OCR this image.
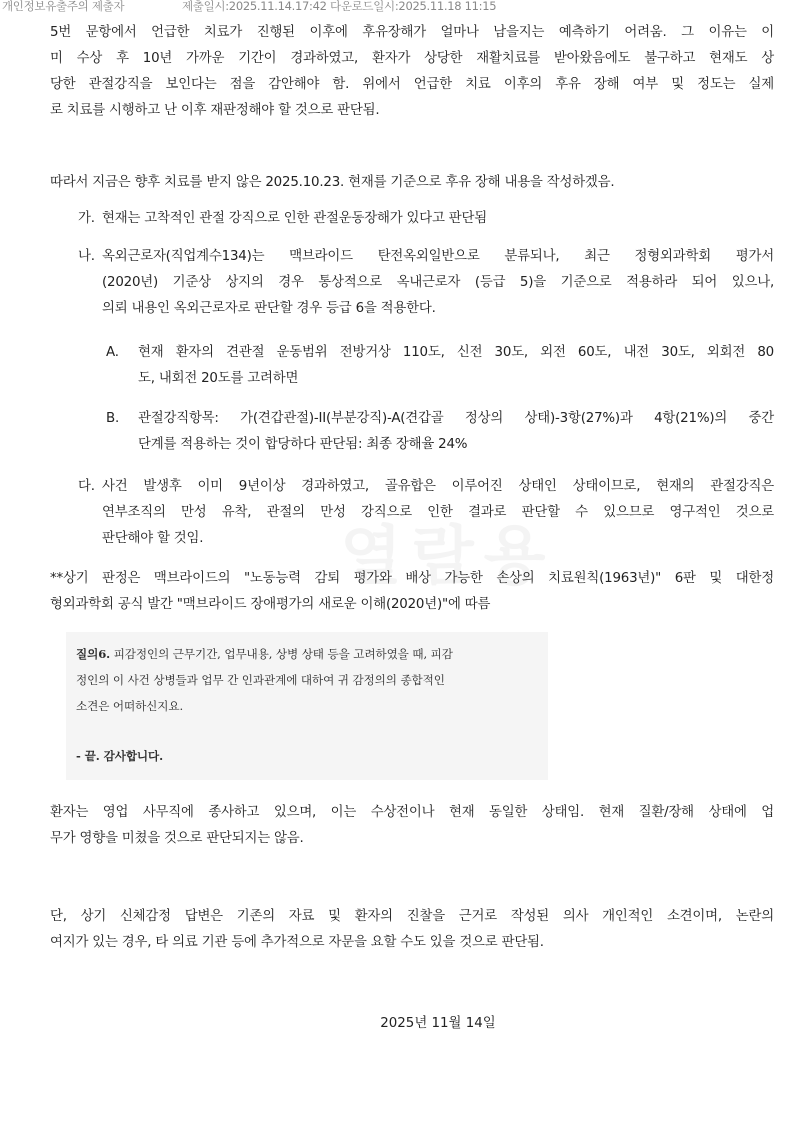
개인정보유출주의 제출자	제출일시:2025.11.14.17:42 다운로드일시:2025.11.18 11:15
열람용
5번 문항에서 언급한 치료가 진행된 이후에 후유장해가 얼마나 남을지는 예측하기 어려움. 그 이유는 이
미 수상 후 10년 가까운 기간이 경과하였고, 환자가 상당한 재활치료를 받아왔음에도 불구하고 현재도 상
당한 관절강직을 보인다는 점을 감안해야 함. 위에서 언급한 치료 이후의 후유 장해 여부 및 정도는 실제
로 치료를 시행하고 난 이후 재판정해야 할 것으로 판단됨.
따라서 지금은 향후 치료를 받지 않은 2025.10.23. 현재를 기준으로 후유 장해 내용을 작성하겠음.
가. 현재는 고착적인 관절 강직으로 인한 관절운동장해가 있다고 판단됨
나. 옥외근로자(직업계수134)는 맥브라이드 탄전옥외일반으로 분류되나, 최근 정형외과학회 평가서
(2020년) 기준상 상지의 경우 통상적으로 옥내근로자 (등급 5)을 기준으로 적용하라 되어 있으나,
의뢰 내용인 옥외근로자로 판단할 경우 등급 6을 적용한다.
A. 현재 환자의 견관절 운동범위 전방거상 110도, 신전 30도, 외전 60도, 내전 30도, 외회전 80
도, 내회전 20도를 고려하면
B. 관절강직항목: 가(견갑관절)-II(부분강직)-A(견갑골 정상의 상태)-3항(27%)과 4항(21%)의 중간
단계를 적용하는 것이 합당하다 판단됨: 최종 장해율 24%
다. 사건 발생후 이미 9년이상 경과하였고, 골유합은 이루어진 상태인 상태이므로, 현재의 관절강직은
연부조직의 만성 유착, 관절의 만성 강직으로 인한 결과로 판단할 수 있으므로 영구적인 것으로
판단해야 할 것임.
**상기 판정은 맥브라이드의 "노동능력 감퇴 평가와 배상 가능한 손상의 치료원칙(1963년)" 6판 및 대한정
형외과학회 공식 발간 "맥브라이드 장애평가의 새로운 이해(2020년)"에 따름
질의6. 피감정인의 근무기간, 업무내용, 상병 상태 등을 고려하였을 때, 피감
정인의 이 사건 상병들과 업무 간 인과관계에 대하여 귀 감정의의 종합적인
소견은 어떠하신지요.
- 끝. 감사합니다.
환자는 영업 사무직에 종사하고 있으며, 이는 수상전이나 현재 동일한 상태임. 현재 질환/장해 상태에 업
무가 영향을 미쳤을 것으로 판단되지는 않음.
단, 상기 신체감정 답변은 기존의 자료 및 환자의 진찰을 근거로 작성된 의사 개인적인 소견이며, 논란의
여지가 있는 경우, 타 의료 기관 등에 추가적으로 자문을 요할 수도 있을 것으로 판단됨.
2025년 11월 14일
